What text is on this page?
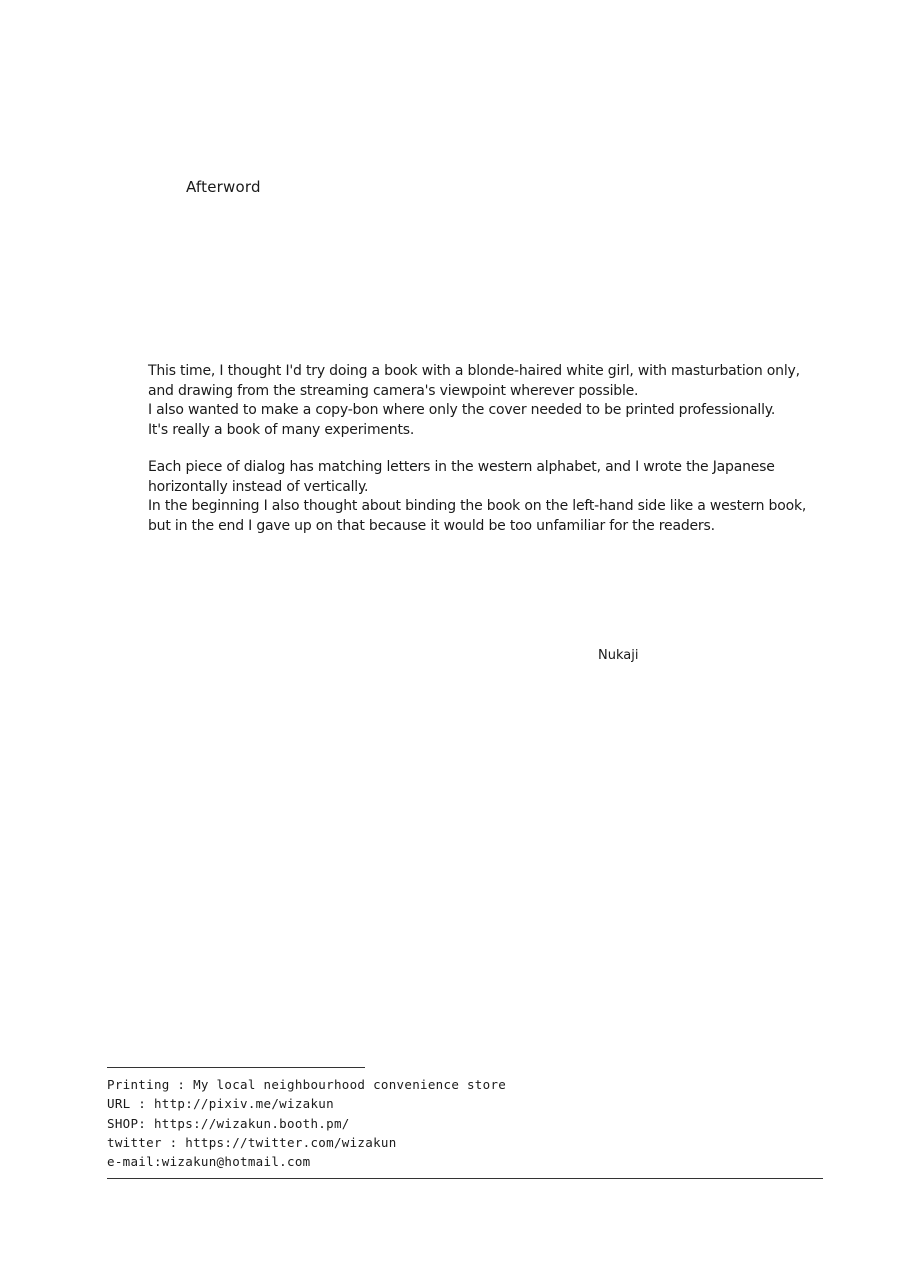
Afterword
This time, I thought I'd try doing a book with a blonde-haired white girl, with masturbation only,
and drawing from the streaming camera's viewpoint wherever possible.
I also wanted to make a copy-bon where only the cover needed to be printed professionally.
It's really a book of many experiments.
Each piece of dialog has matching letters in the western alphabet, and I wrote the Japanese
horizontally instead of vertically.
In the beginning I also thought about binding the book on the left-hand side like a western book,
but in the end I gave up on that because it would be too unfamiliar for the readers.
Nukaji
Printing : My local neighbourhood convenience store
URL : http://pixiv.me/wizakun
SHOP: https://wizakun.booth.pm/
twitter : https://twitter.com/wizakun
e-mail:wizakun@hotmail.com
